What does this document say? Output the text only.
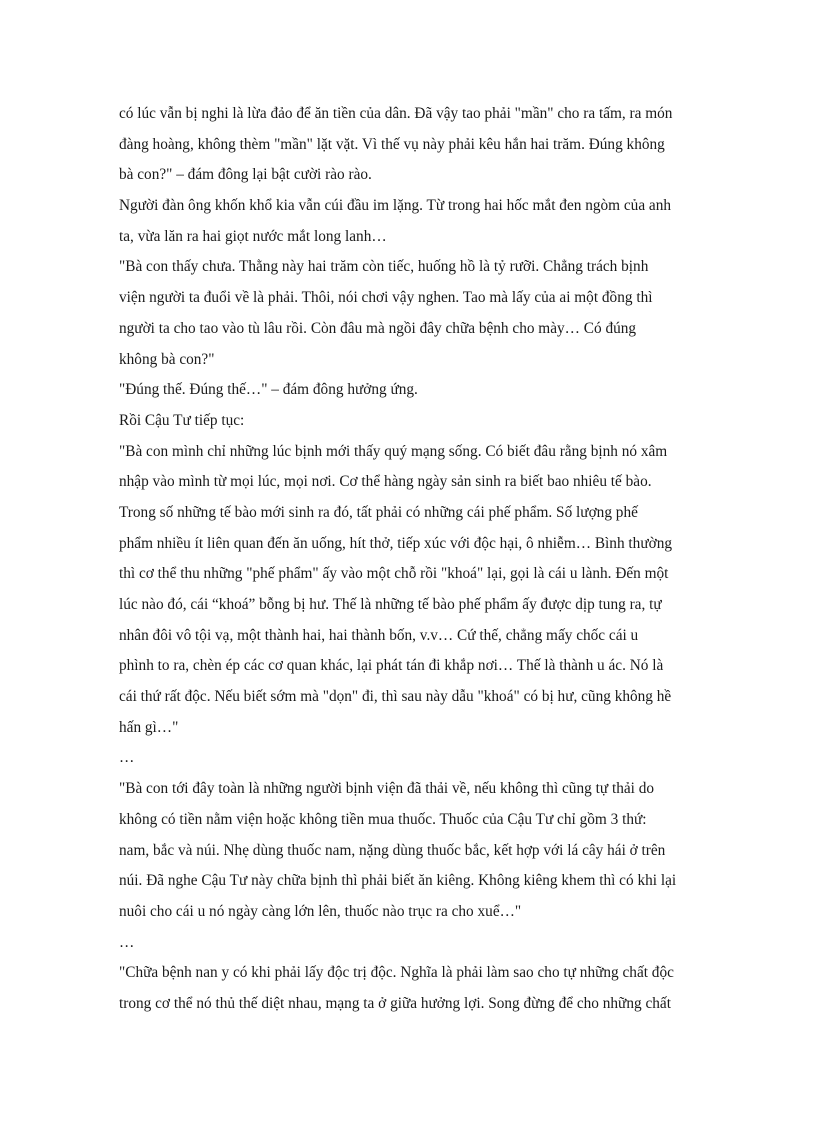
có lúc vẫn bị nghi là lừa đảo để ăn tiền của dân. Đã vậy tao phải "mần" cho ra tấm, ra món
đàng hoàng, không thèm "mần" lặt vặt. Vì thế vụ này phải kêu hắn hai trăm. Đúng không
bà con?" – đám đông lại bật cười rào rào.
Người đàn ông khốn khổ kia vẫn cúi đầu im lặng. Từ trong hai hốc mắt đen ngòm của anh
ta, vừa lăn ra hai giọt nước mắt long lanh…
"Bà con thấy chưa. Thằng này hai trăm còn tiếc, huống hồ là tỷ rưỡi. Chẳng trách bịnh
viện người ta đuổi về là phải. Thôi, nói chơi vậy nghen. Tao mà lấy của ai một đồng thì
người ta cho tao vào tù lâu rồi. Còn đâu mà ngồi đây chữa bệnh cho mày… Có đúng
không bà con?"
"Đúng thế. Đúng thế…" – đám đông hưởng ứng.
Rồi Cậu Tư tiếp tục:
"Bà con mình chỉ những lúc bịnh mới thấy quý mạng sống. Có biết đâu rằng bịnh nó xâm
nhập vào mình từ mọi lúc, mọi nơi. Cơ thể hàng ngày sản sinh ra biết bao nhiêu tế bào.
Trong số những tế bào mới sinh ra đó, tất phải có những cái phế phẩm. Số lượng phế
phẩm nhiều ít liên quan đến ăn uống, hít thở, tiếp xúc với độc hại, ô nhiễm… Bình thường
thì cơ thể thu những "phế phẩm" ấy vào một chỗ rồi "khoá" lại, gọi là cái u lành. Đến một
lúc nào đó, cái “khoá” bỗng bị hư. Thế là những tế bào phế phẩm ấy được dịp tung ra, tự
nhân đôi vô tội vạ, một thành hai, hai thành bốn, v.v… Cứ thế, chẳng mấy chốc cái u
phình to ra, chèn ép các cơ quan khác, lại phát tán đi khắp nơi… Thế là thành u ác. Nó là
cái thứ rất độc. Nếu biết sớm mà "dọn" đi, thì sau này dẫu "khoá" có bị hư, cũng không hề
hấn gì…"
…
"Bà con tới đây toàn là những người bịnh viện đã thải về, nếu không thì cũng tự thải do
không có tiền nằm viện hoặc không tiền mua thuốc. Thuốc của Cậu Tư chỉ gồm 3 thứ:
nam, bắc và núi. Nhẹ dùng thuốc nam, nặng dùng thuốc bắc, kết hợp với lá cây hái ở trên
núi. Đã nghe Cậu Tư này chữa bịnh thì phải biết ăn kiêng. Không kiêng khem thì có khi lại
nuôi cho cái u nó ngày càng lớn lên, thuốc nào trục ra cho xuể…"
…
"Chữa bệnh nan y có khi phải lấy độc trị độc. Nghĩa là phải làm sao cho tự những chất độc
trong cơ thể nó thủ thế diệt nhau, mạng ta ở giữa hưởng lợi. Song đừng để cho những chất
